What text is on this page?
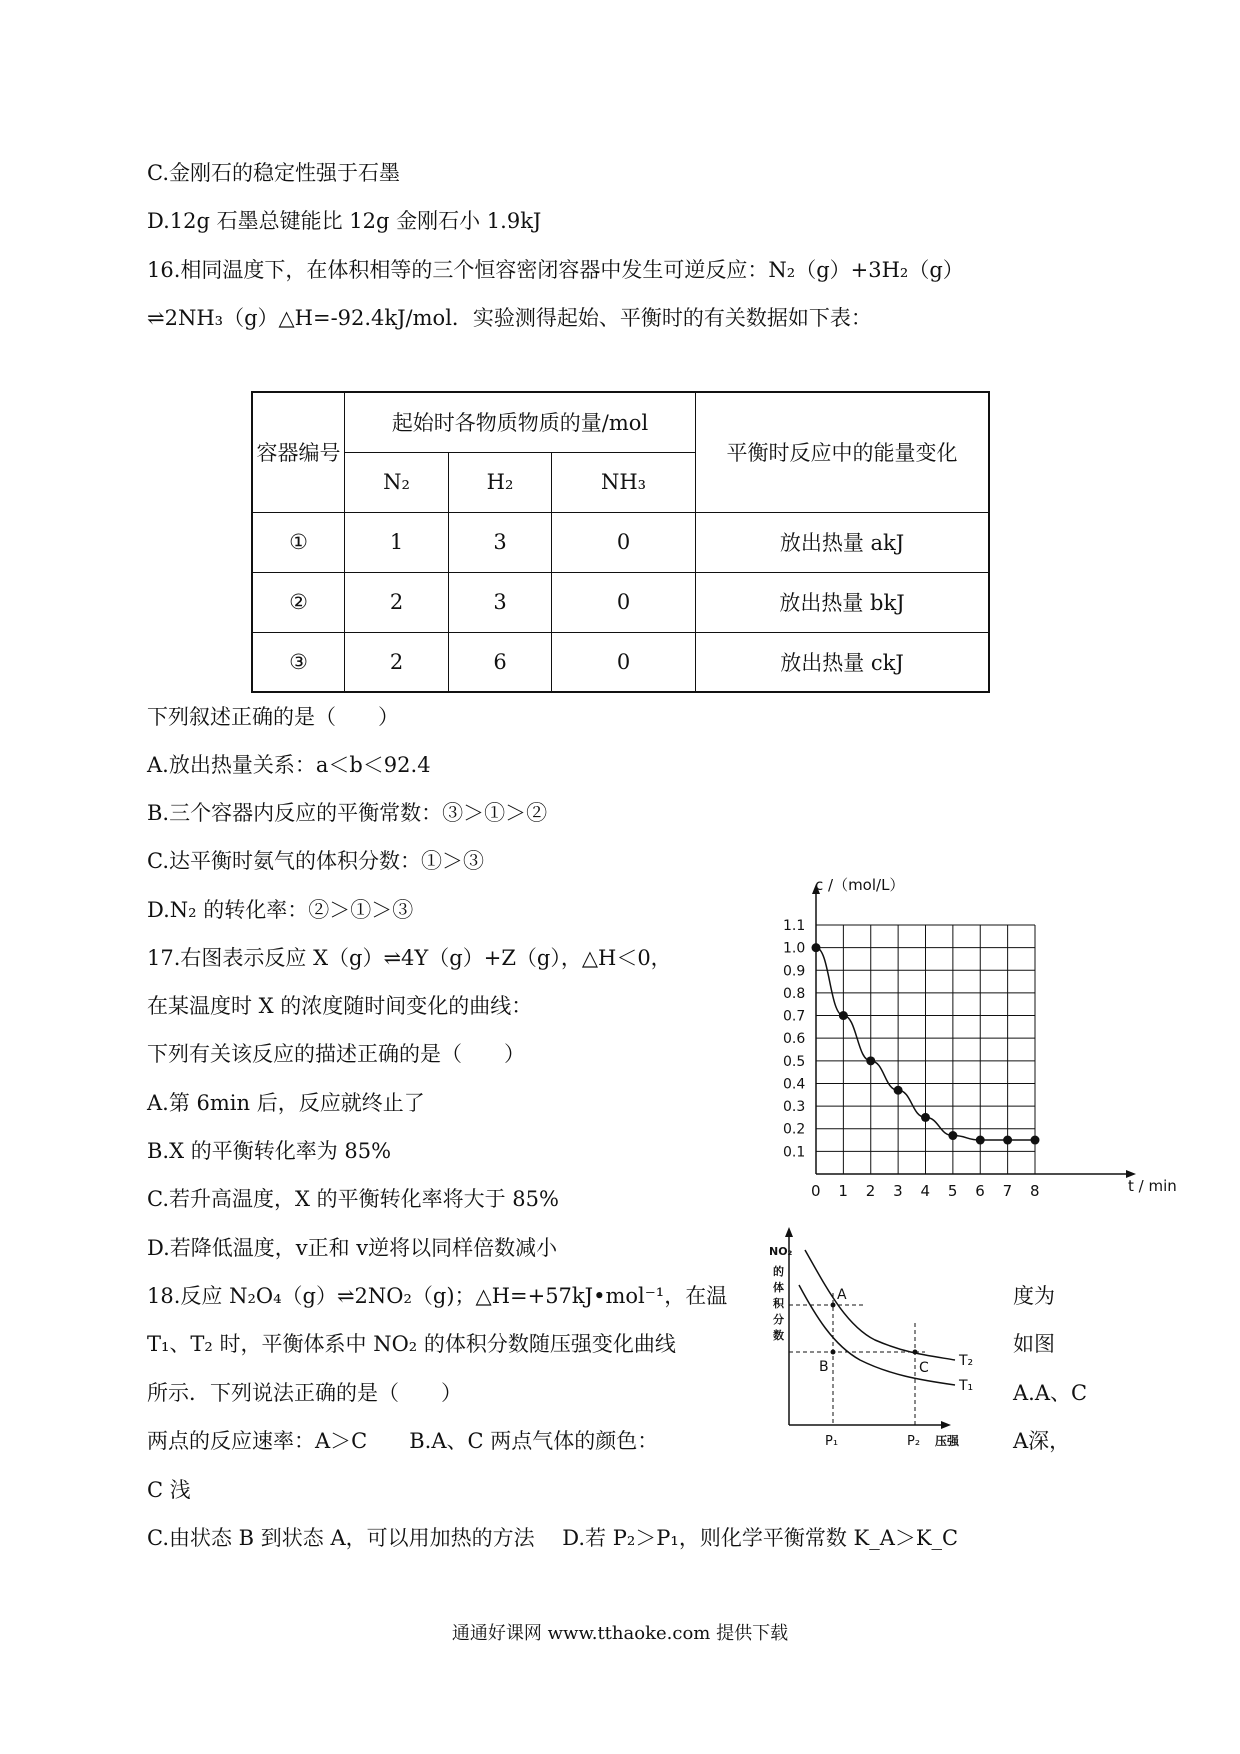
C.金刚石的稳定性强于石墨
D.12g 石墨总键能比 12g 金刚石小 1.9kJ
16.相同温度下，在体积相等的三个恒容密闭容器中发生可逆反应：N₂（g）+3H₂（g）
⇌2NH₃（g）△H=-92.4kJ/mol．实验测得起始、平衡时的有关数据如下表：
容器编号	起始时各物质物质的量/mol			平衡时反应中的能量变化
	N₂	H₂	NH₃	
①	1	3	0	放出热量 akJ
②	2	3	0	放出热量 bkJ
③	2	6	0	放出热量 ckJ
下列叙述正确的是（　　）
A.放出热量关系：a＜b＜92.4
B.三个容器内反应的平衡常数：③＞①＞②
C.达平衡时氨气的体积分数：①＞③
D.N₂ 的转化率：②＞①＞③
17.右图表示反应 X（g）⇌4Y（g）+Z（g），△H＜0，
在某温度时 X 的浓度随时间变化的曲线：
下列有关该反应的描述正确的是（　　）
A.第 6min 后，反应就终止了
B.X 的平衡转化率为 85%
C.若升高温度，X 的平衡转化率将大于 85%
D.若降低温度，v正和 v逆将以同样倍数减小
18.反应 N₂O₄（g）⇌2NO₂（g)；△H=+57kJ•mol⁻¹，在温	度为
T₁、T₂ 时，平衡体系中 NO₂ 的体积分数随压强变化曲线	如图
所示．下列说法正确的是（　　）	A.A、C
两点的反应速率：A＞C　　B.A、C 两点气体的颜色：	A深，
C 浅
C.由状态 B 到状态 A，可以用加热的方法　 D.若 P₂＞P₁，则化学平衡常数 K_A＞K_C
0 1 2 3 4 5 6 7 8
0.1
0.2
0.3
0.4
0.5
0.6
0.7
0.8
0.9
1.0
1.1
c /（mol/L）
t / min
NO₂ 的 体 积 分 数
A
B	C T₂
T₁
P₁	P₂ 压强
通通好课网 www.tthaoke.com 提供下载
